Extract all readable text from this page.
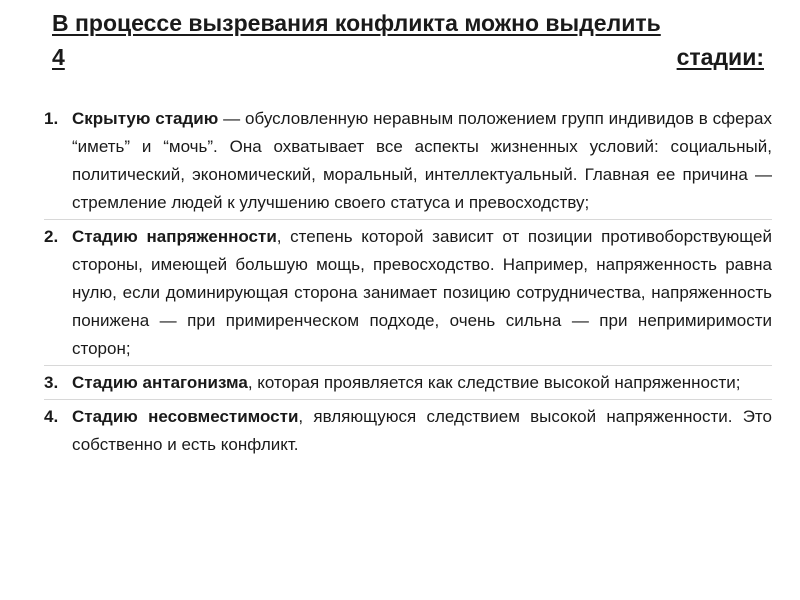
В процессе вызревания конфликта можно выделить
4	стадии:
1. Скрытую стадию — обусловленную неравным положением групп индивидов в сферах “иметь” и “мочь”. Она охватывает все аспекты жизненных условий: социальный, политический, экономический, моральный, интеллектуальный. Главная ее причина — стремление людей к улучшению своего статуса и превосходству;
2. Стадию напряженности, степень которой зависит от позиции противоборствующей стороны, имеющей большую мощь, превосходство. Например, напряженность равна нулю, если доминирующая сторона занимает позицию сотрудничества, напряженность понижена — при примиренческом подходе, очень сильна — при непримиримости сторон;
3. Стадию антагонизма, которая проявляется как следствие высокой напряженности;
4. Стадию несовместимости, являющуюся следствием высокой напряженности. Это собственно и есть конфликт.
